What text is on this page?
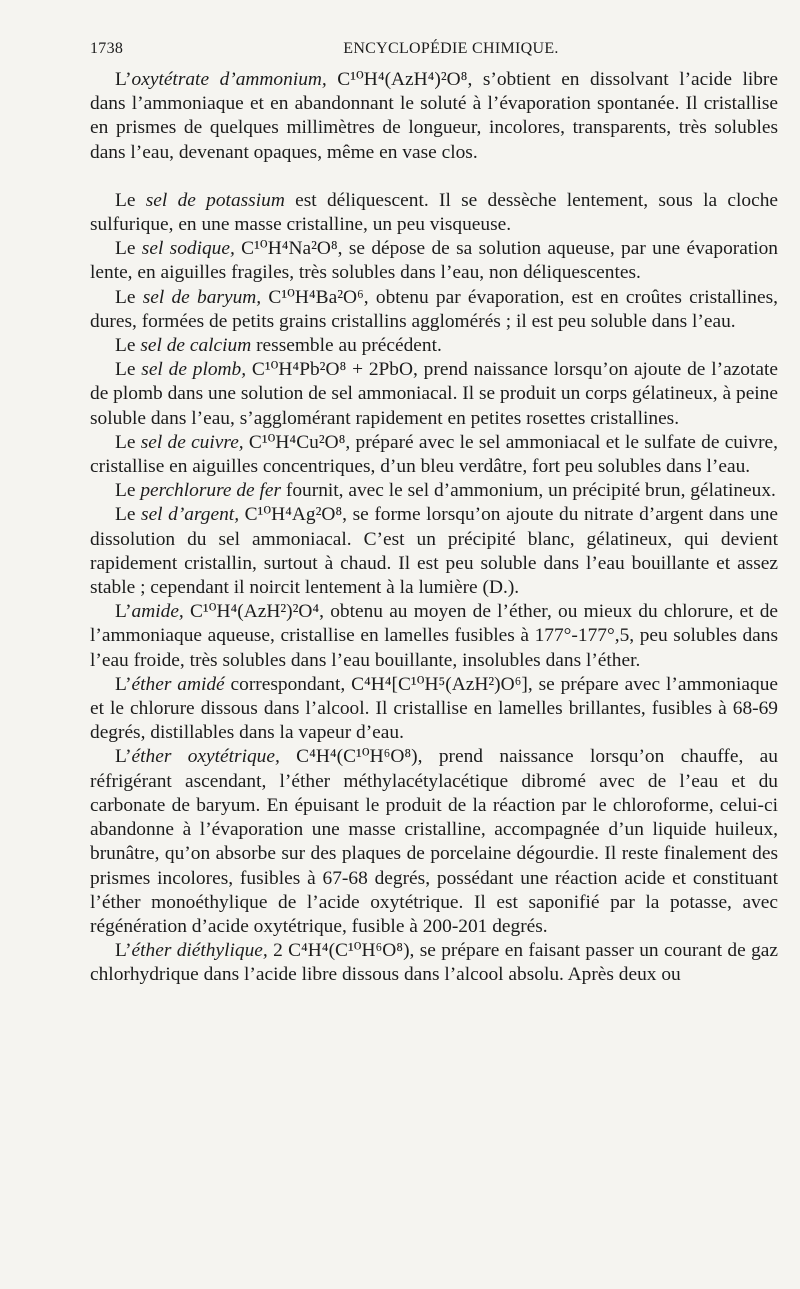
1738	ENCYCLOPÉDIE CHIMIQUE.

L’oxytétrate d’ammonium, C¹⁰H⁴(AzH⁴)²O⁸, s’obtient en dissolvant l’acide libre dans l’ammoniaque et en abandonnant le soluté à l’évaporation spontanée. Il cristallise en prismes de quelques millimètres de longueur, incolores, transparents, très solubles dans l’eau, devenant opaques, même en vase clos.

Le sel de potassium est déliquescent. Il se dessèche lentement, sous la cloche sulfurique, en une masse cristalline, un peu visqueuse.

Le sel sodique, C¹⁰H⁴Na²O⁸, se dépose de sa solution aqueuse, par une évaporation lente, en aiguilles fragiles, très solubles dans l’eau, non déliquescentes.

Le sel de baryum, C¹⁰H⁴Ba²O⁶, obtenu par évaporation, est en croûtes cristallines, dures, formées de petits grains cristallins agglomérés ; il est peu soluble dans l’eau.

Le sel de calcium ressemble au précédent.

Le sel de plomb, C¹⁰H⁴Pb²O⁸ + 2PbO, prend naissance lorsqu’on ajoute de l’azotate de plomb dans une solution de sel ammoniacal. Il se produit un corps gélatineux, à peine soluble dans l’eau, s’agglomérant rapidement en petites rosettes cristallines.

Le sel de cuivre, C¹⁰H⁴Cu²O⁸, préparé avec le sel ammoniacal et le sulfate de cuivre, cristallise en aiguilles concentriques, d’un bleu verdâtre, fort peu solubles dans l’eau.

Le perchlorure de fer fournit, avec le sel d’ammonium, un précipité brun, gélatineux.

Le sel d’argent, C¹⁰H⁴Ag²O⁸, se forme lorsqu’on ajoute du nitrate d’argent dans une dissolution du sel ammoniacal. C’est un précipité blanc, gélatineux, qui devient rapidement cristallin, surtout à chaud. Il est peu soluble dans l’eau bouillante et assez stable ; cependant il noircit lentement à la lumière (D.).

L’amide, C¹⁰H⁴(AzH²)²O⁴, obtenu au moyen de l’éther, ou mieux du chlorure, et de l’ammoniaque aqueuse, cristallise en lamelles fusibles à 177°-177°,5, peu solubles dans l’eau froide, très solubles dans l’eau bouillante, insolubles dans l’éther.

L’éther amidé correspondant, C⁴H⁴[C¹⁰H⁵(AzH²)O⁶], se prépare avec l’ammoniaque et le chlorure dissous dans l’alcool. Il cristallise en lamelles brillantes, fusibles à 68-69 degrés, distillables dans la vapeur d’eau.

L’éther oxytétrique, C⁴H⁴(C¹⁰H⁶O⁸), prend naissance lorsqu’on chauffe, au réfrigérant ascendant, l’éther méthylacétylacétique dibromé avec de l’eau et du carbonate de baryum. En épuisant le produit de la réaction par le chloroforme, celui-ci abandonne à l’évaporation une masse cristalline, accompagnée d’un liquide huileux, brunâtre, qu’on absorbe sur des plaques de porcelaine dégourdie. Il reste finalement des prismes incolores, fusibles à 67-68 degrés, possédant une réaction acide et constituant l’éther monoéthylique de l’acide oxytétrique. Il est saponifié par la potasse, avec régénération d’acide oxytétrique, fusible à 200-201 degrés.

L’éther diéthylique, 2 C⁴H⁴(C¹⁰H⁶O⁸), se prépare en faisant passer un courant de gaz chlorhydrique dans l’acide libre dissous dans l’alcool absolu. Après deux ou
